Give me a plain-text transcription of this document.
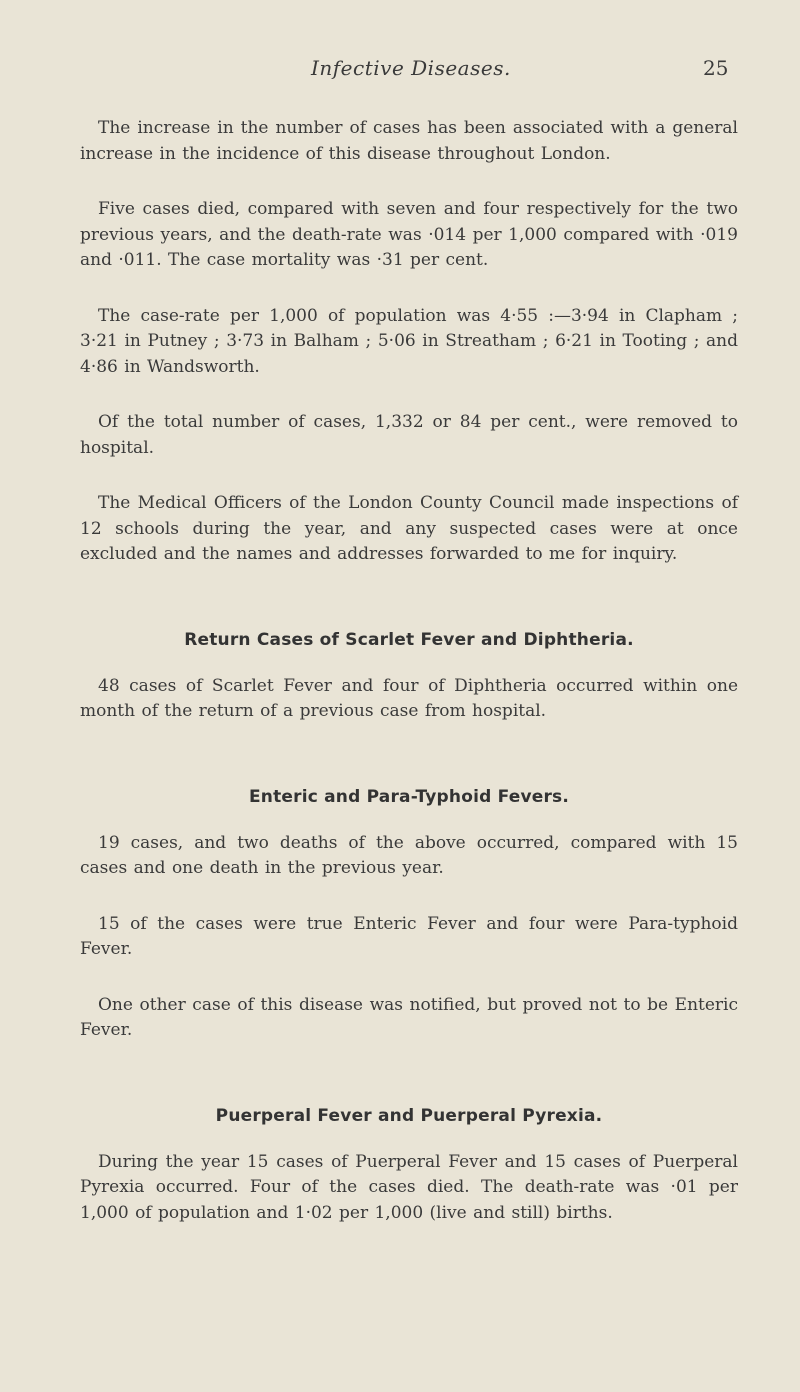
Infective Diseases.	25

The increase in the number of cases has been associated with a general increase in the incidence of this disease throughout London.

Five cases died, compared with seven and four respectively for the two previous years, and the death-rate was ·014 per 1,000 compared with ·019 and ·011. The case mortality was ·31 per cent.

The case-rate per 1,000 of population was 4·55 :—3·94 in Clapham ; 3·21 in Putney ; 3·73 in Balham ; 5·06 in Streatham ; 6·21 in Tooting ; and 4·86 in Wandsworth.

Of the total number of cases, 1,332 or 84 per cent., were removed to hospital.

The Medical Officers of the London County Council made inspections of 12 schools during the year, and any suspected cases were at once excluded and the names and addresses forwarded to me for inquiry.

Return Cases of Scarlet Fever and Diphtheria.

48 cases of Scarlet Fever and four of Diphtheria occurred within one month of the return of a previous case from hospital.

Enteric and Para-Typhoid Fevers.

19 cases, and two deaths of the above occurred, compared with 15 cases and one death in the previous year.

15 of the cases were true Enteric Fever and four were Para-typhoid Fever.

One other case of this disease was notified, but proved not to be Enteric Fever.

Puerperal Fever and Puerperal Pyrexia.

During the year 15 cases of Puerperal Fever and 15 cases of Puerperal Pyrexia occurred. Four of the cases died. The death-rate was ·01 per 1,000 of population and 1·02 per 1,000 (live and still) births.
